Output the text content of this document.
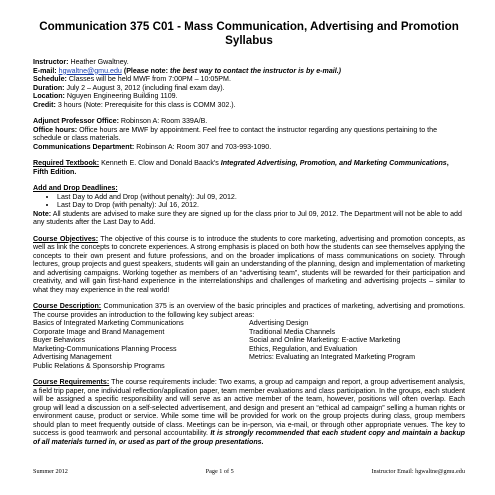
Communication 375 C01 - Mass Communication, Advertising and Promotion
Syllabus

Instructor: Heather Gwaltney.

E-mail: hgwaltne@gmu.edu (Please note: the best way to contact the instructor is by e-mail.)

Schedule: Classes will be held MWF from 7:00PM – 10:05PM.

Duration: July 2 – August 3, 2012 (including final exam day).

Location: Nguyen Engineering Building 1109.

Credit: 3 hours (Note: Prerequisite for this class is COMM 302.).

Adjunct Professor Office: Robinson A: Room 339A/B.

Office hours: Office hours are MWF by appointment. Feel free to contact the instructor regarding any questions pertaining to the schedule or class materials.

Communications Department: Robinson A: Room 307 and 703-993-1090.

Required Textbook: Kenneth E. Clow and Donald Baack's Integrated Advertising, Promotion, and Marketing Communications, Fifth Edition.

Add and Drop Deadlines:

• Last Day to Add and Drop (without penalty): Jul 09, 2012.
• Last Day to Drop (with penalty): Jul 16, 2012.

Note: All students are advised to make sure they are signed up for the class prior to Jul 09, 2012. The Department will not be able to add any students after the Last Day to Add.

Course Objectives: The objective of this course is to introduce the students to core marketing, advertising and promotion concepts, as well as link the concepts to concrete experiences. A strong emphasis is placed on both how the students can see themselves applying the concepts to their own present and future professions, and on the broader implications of mass communications on society. Through lectures, group projects and guest speakers, students will gain an understanding of the planning, design and implementation of marketing and advertising campaigns. Working together as members of an “advertising team”, students will be rewarded for their participation and creativity, and will gain first-hand experience in the interrelationships and challenges of marketing and advertising projects – similar to what they may experience in the real world!

Course Description: Communication 375 is an overview of the basic principles and practices of marketing, advertising and promotions. The course provides an introduction to the following key subject areas:

Basics of Integrated Marketing Communications
Corporate Image and Brand Management
Buyer Behaviors
Marketing-Communications Planning Process
Advertising Management
Public Relations & Sponsorship Programs
Advertising Design
Traditional Media Channels
Social and Online Marketing: E-active Marketing
Ethics, Regulation, and Evaluation
Metrics: Evaluating an Integrated Marketing Program

Course Requirements: The course requirements include: Two exams, a group ad campaign and report, a group advertisement analysis, a field trip paper, one individual reflection/application paper, team member evaluations and class participation. In the groups, each student will be assigned a specific responsibility and will serve as an active member of the team, however, positions will often overlap. Each group will lead a discussion on a self-selected advertisement, and design and present an “ethical ad campaign” selling a human rights or environment cause, product or service. While some time will be provided for work on the group projects during class, group members should plan to meet frequently outside of class. Meetings can be in-person, via e-mail, or through other appropriate venues. The key to success is good teamwork and personal accountability. It is strongly recommended that each student copy and maintain a backup of all materials turned in, or used as part of the group presentations.

Summer 2012	Page 1 of 5	Instructor Email: hgwaltne@gmu.edu
